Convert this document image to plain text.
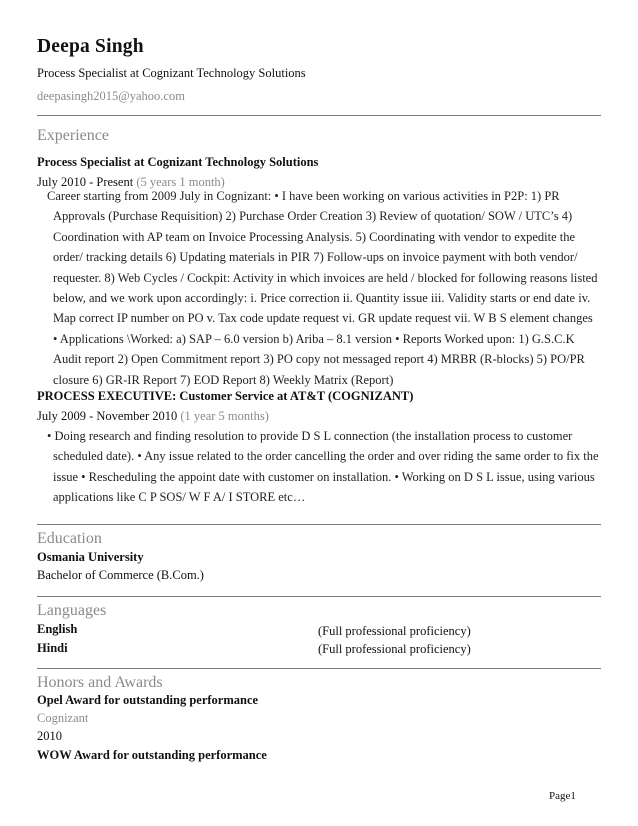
Deepa Singh
Process Specialist at Cognizant Technology Solutions
deepasingh2015@yahoo.com
Experience
Process Specialist at Cognizant Technology Solutions
July 2010 - Present (5 years 1 month)
Career starting from 2009 July in Cognizant: • I have been working on various activities in P2P: 1) PR
Approvals (Purchase Requisition) 2) Purchase Order Creation 3) Review of quotation/ SOW / UTC’s 4)
Coordination with AP team on Invoice Processing Analysis. 5) Coordinating with vendor to expedite the
order/ tracking details 6) Updating materials in PIR 7) Follow-ups on invoice payment with both vendor/
requester. 8) Web Cycles / Cockpit: Activity in which invoices are held / blocked for following reasons listed
below, and we work upon accordingly: i. Price correction ii. Quantity issue iii. Validity starts or end date iv.
Map correct IP number on PO v. Tax code update request vi. GR update request vii. W B S element changes
• Applications \Worked: a) SAP – 6.0 version b) Ariba – 8.1 version • Reports Worked upon: 1) G.S.C.K
Audit report 2) Open Commitment report 3) PO copy not messaged report 4) MRBR (R-blocks) 5) PO/PR
closure 6) GR-IR Report 7) EOD Report 8) Weekly Matrix (Report)
PROCESS EXECUTIVE: Customer Service at AT&T (COGNIZANT)
July 2009 - November 2010 (1 year 5 months)
• Doing research and finding resolution to provide D S L connection (the installation process to customer
scheduled date). • Any issue related to the order cancelling the order and over riding the same order to fix the
issue • Rescheduling the appoint date with customer on installation. • Working on D S L issue, using various
applications like C P SOS/ W F A/ I STORE etc…
Education
Osmania University
Bachelor of Commerce (B.Com.)
Languages
English	(Full professional proficiency)
Hindi	(Full professional proficiency)
Honors and Awards
Opel Award for outstanding performance
Cognizant
2010
WOW Award for outstanding performance
Page1
